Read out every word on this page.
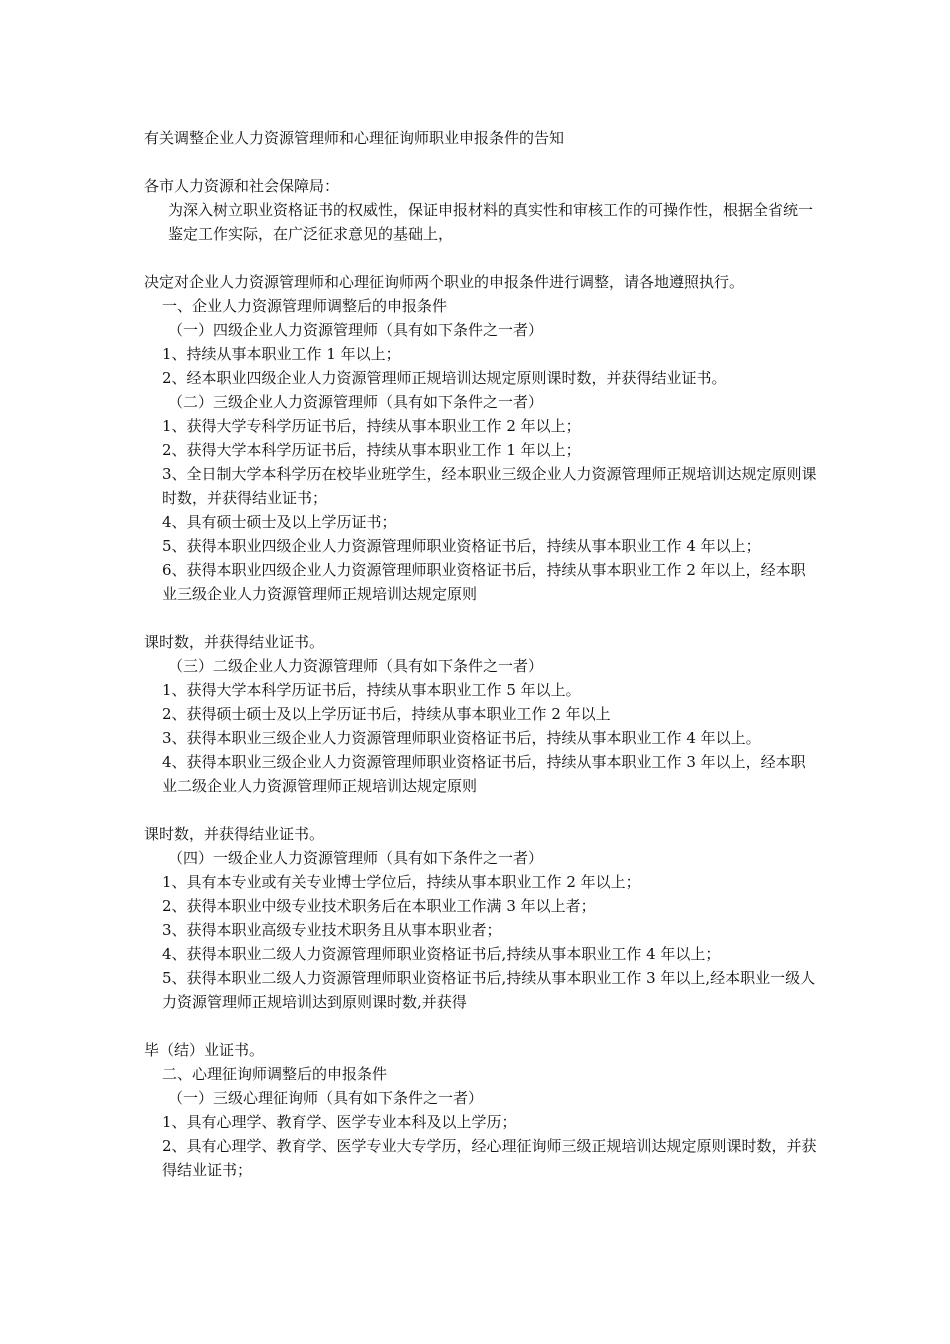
有关调整企业人力资源管理师和心理征询师职业申报条件的告知

各市人力资源和社会保障局：

为深入树立职业资格证书的权威性，保证申报材料的真实性和审核工作的可操作性，根据全省统一鉴定工作实际，在广泛征求意见的基础上，

决定对企业人力资源管理师和心理征询师两个职业的申报条件进行调整，请各地遵照执行。

一、企业人力资源管理师调整后的申报条件

（一）四级企业人力资源管理师（具有如下条件之一者）

1、持续从事本职业工作 1 年以上；

2、经本职业四级企业人力资源管理师正规培训达规定原则课时数，并获得结业证书。

（二）三级企业人力资源管理师（具有如下条件之一者）

1、获得大学专科学历证书后，持续从事本职业工作 2 年以上；

2、获得大学本科学历证书后，持续从事本职业工作 1 年以上；

3、全日制大学本科学历在校毕业班学生，经本职业三级企业人力资源管理师正规培训达规定原则课时数，并获得结业证书；

4、具有硕士硕士及以上学历证书；

5、获得本职业四级企业人力资源管理师职业资格证书后，持续从事本职业工作 4 年以上；

6、获得本职业四级企业人力资源管理师职业资格证书后，持续从事本职业工作 2 年以上，经本职业三级企业人力资源管理师正规培训达规定原则

课时数，并获得结业证书。

（三）二级企业人力资源管理师（具有如下条件之一者）

1、获得大学本科学历证书后，持续从事本职业工作 5 年以上。

2、获得硕士硕士及以上学历证书后，持续从事本职业工作 2 年以上

3、获得本职业三级企业人力资源管理师职业资格证书后，持续从事本职业工作 4 年以上。

4、获得本职业三级企业人力资源管理师职业资格证书后，持续从事本职业工作 3 年以上，经本职业二级企业人力资源管理师正规培训达规定原则

课时数，并获得结业证书。

（四）一级企业人力资源管理师（具有如下条件之一者）

1、具有本专业或有关专业博士学位后，持续从事本职业工作 2 年以上；

2、获得本职业中级专业技术职务后在本职业工作满 3 年以上者；

3、获得本职业高级专业技术职务且从事本职业者；

4、获得本职业二级人力资源管理师职业资格证书后,持续从事本职业工作 4 年以上；

5、获得本职业二级人力资源管理师职业资格证书后,持续从事本职业工作 3 年以上,经本职业一级人力资源管理师正规培训达到原则课时数,并获得

毕（结）业证书。

二、心理征询师调整后的申报条件

（一）三级心理征询师（具有如下条件之一者）

1、具有心理学、教育学、医学专业本科及以上学历；

2、具有心理学、教育学、医学专业大专学历，经心理征询师三级正规培训达规定原则课时数，并获得结业证书；
